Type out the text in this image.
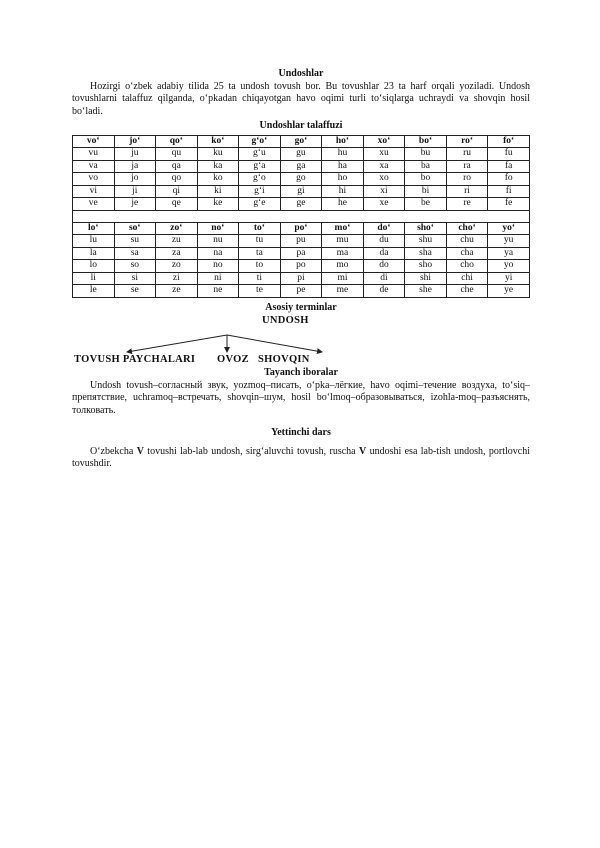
Undoshlar

Hozirgi o‘zbek adabiy tilida 25 ta undosh tovush bor. Bu tovushlar 23 ta harf orqali yoziladi. Undosh tovushlarni talaffuz qilganda, o‘pkadan chiqayotgan havo oqimi turli to‘siqlarga uchraydi va shovqin hosil bo‘ladi.

Undoshlar talaffuzi

vo‘	jo‘	qo‘	ko‘	g‘o‘	go‘	ho‘	xo‘	bo‘	ro‘	fo‘
vu	ju	qu	ku	g‘u	gu	hu	xu	bu	ru	fu
va	ja	qa	ka	g‘a	ga	ha	xa	ba	ra	fa
vo	jo	qo	ko	g‘o	go	ho	xo	bo	ro	fo
vi	ji	qi	ki	g‘i	gi	hi	xi	bi	ri	fi
ve	je	qe	ke	g‘e	ge	he	xe	be	re	fe

lo‘	so‘	zo‘	no‘	to‘	po‘	mo‘	do‘	sho‘	cho‘	yo‘
lu	su	zu	nu	tu	pu	mu	du	shu	chu	yu
la	sa	za	na	ta	pa	ma	da	sha	cha	ya
lo	so	zo	no	to	po	mo	do	sho	cho	yo
li	si	zi	ni	ti	pi	mi	di	shi	chi	yi
le	se	ze	ne	te	pe	me	de	she	che	ye

Asosiy terminlar

UNDOSH
TOVUSH PAYCHALARI OVOZ SHOVQIN

Tayanch iboralar

Undosh tovush–согласный звук, yozmoq–писать, o‘pka–лёгкие, havo oqimi–течение воздуха, to‘siq–препятствие, uchramoq–встречать, shovqin–шум, hosil bo‘lmoq–образовываться, izohla-moq–разъяснять, толковать.

Yettinchi dars

O‘zbekcha V tovushi lab-lab undosh, sirg‘aluvchi tovush, ruscha V undoshi esa lab-tish undosh, portlovchi tovushdir.
